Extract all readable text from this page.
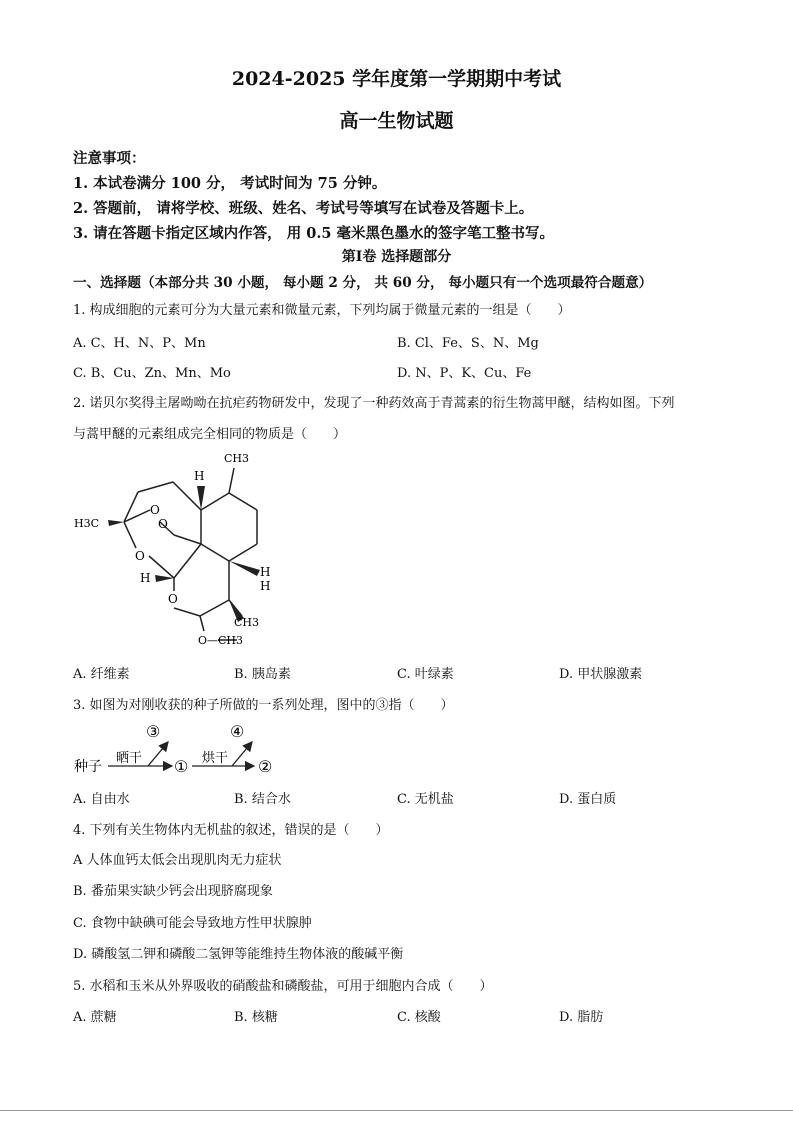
2024-2025 学年度第一学期期中考试
高一生物试题
注意事项：
1. 本试卷满分 100 分， 考试时间为 75 分钟。
2. 答题前， 请将学校、班级、姓名、考试号等填写在试卷及答题卡上。
3. 请在答题卡指定区域内作答， 用 0.5 毫米黑色墨水的签字笔工整书写。
第Ⅰ卷 选择题部分
一、选择题（本部分共 30 小题， 每小题 2 分， 共 60 分， 每小题只有一个选项最符合题意）
1. 构成细胞的元素可分为大量元素和微量元素，下列均属于微量元素的一组是（　　）
A. C、H、N、P、Mn	B. Cl、Fe、S、N、Mg
C. B、Cu、Zn、Mn、Mo	D. N、P、K、Cu、Fe
2. 诺贝尔奖得主屠呦呦在抗疟药物研发中，发现了一种药效高于青蒿素的衍生物蒿甲醚，结构如图。下列
与蒿甲醚的元素组成完全相同的物质是（　　）
CH3
H
H3C
O
O
O
H
H
H
O
CH3
O—CH3
A. 纤维素	B. 胰岛素	C. 叶绿素	D. 甲状腺激素
3. 如图为对刚收获的种子所做的一系列处理，图中的③指（　　）
种子
晒干 ① 烘干 ②
③	④
A. 自由水	B. 结合水	C. 无机盐	D. 蛋白质
4. 下列有关生物体内无机盐的叙述，错误的是（　　）
A 人体血钙太低会出现肌肉无力症状
B. 番茄果实缺少钙会出现脐腐现象
C. 食物中缺碘可能会导致地方性甲状腺肿
D. 磷酸氢二钾和磷酸二氢钾等能维持生物体液的酸碱平衡
5. 水稻和玉米从外界吸收的硝酸盐和磷酸盐，可用于细胞内合成（　　）
A. 蔗糖	B. 核糖	C. 核酸	D. 脂肪
